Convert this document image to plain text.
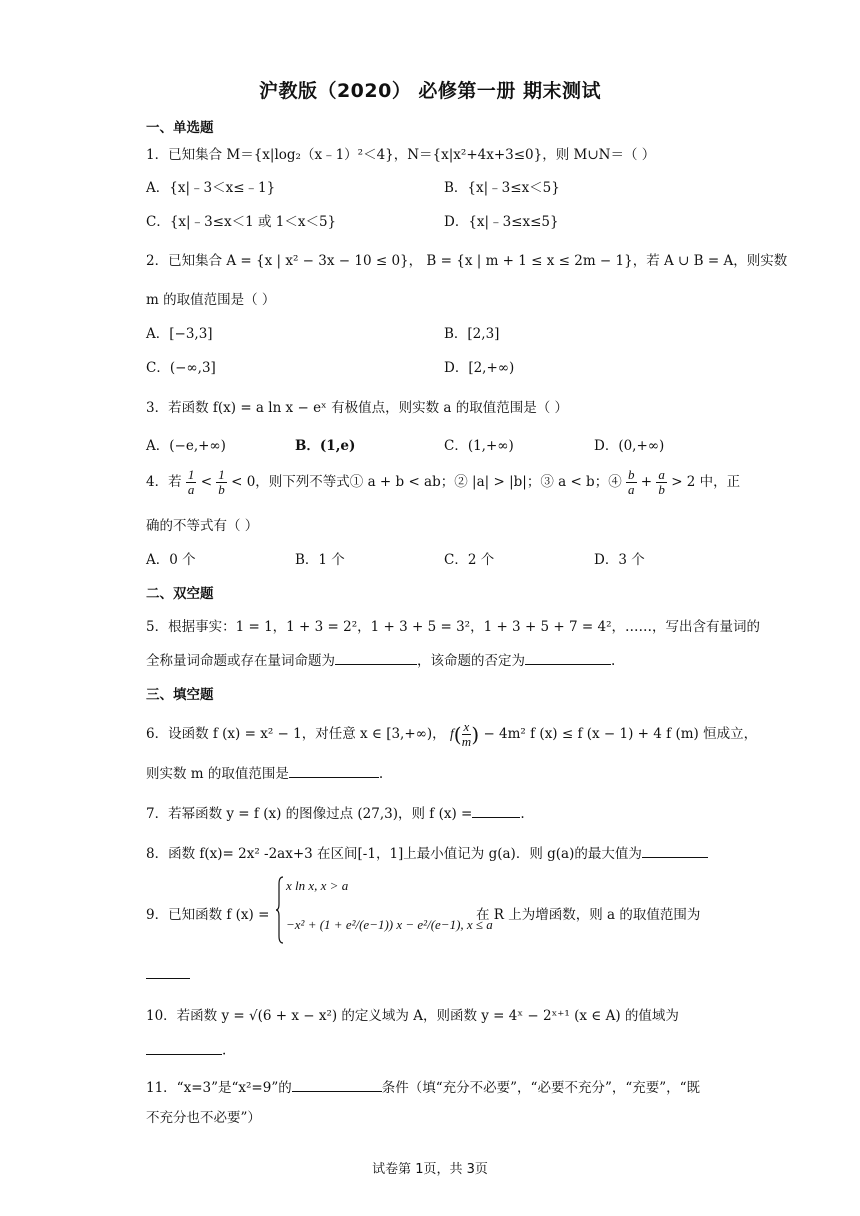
沪教版（2020） 必修第一册 期末测试
一、单选题
1．已知集合 M＝{x|log₂（x﹣1）²＜4}，N＝{x|x²+4x+3≤0}，则 M∪N＝（ ）
A．{x|﹣3＜x≤﹣1}	B．{x|﹣3≤x＜5}
C．{x|﹣3≤x＜1 或 1＜x＜5}	D．{x|﹣3≤x≤5}
2．已知集合 A = {x | x² − 3x − 10 ≤ 0}， B = {x | m + 1 ≤ x ≤ 2m − 1}，若 A ∪ B = A，则实数
m 的取值范围是（ ）
A．[−3,3]	B．[2,3]
C．(−∞,3]	D．[2,+∞)
3．若函数 f(x) = a ln x − eˣ 有极值点，则实数 a 的取值范围是（ ）
A．(−e,+∞)	B．(1,e)	C．(1,+∞)	D．(0,+∞)
4．若 $\frac{1}{a} < \frac{1}{b} < 0$，则下列不等式① a + b < ab；② |a| > |b|；③ a < b；④ $\frac{b}{a} + \frac{a}{b} > 2$ 中，正
确的不等式有（ ）
A．0 个	B．1 个	C．2 个	D．3 个
二、双空题
5．根据事实：1 = 1，1 + 3 = 2²，1 + 3 + 5 = 3²，1 + 3 + 5 + 7 = 4²，……，写出含有量词的
全称量词命题或存在量词命题为	，该命题的否定为	.
三、填空题
6．设函数 f (x) = x² − 1，对任意 x ∈ [3,+∞)， $f( \frac{x}{m}$ ) − 4m² f (x) ≤ f (x − 1) + 4 f (m) 恒成立，
则实数 m 的取值范围是	.
7．若幂函数 y = f (x) 的图像过点 (27,3)，则 f (x) =	.
8．函数 f(x)= 2x² -2ax+3 在区间[-1，1]上最小值记为 g(a)．则 g(a)的最大值为
9．已知函数 f (x) =
x ln x, x > a
−x² + (1 + e²/(e−1)) x − e²/(e−1), x ≤ a
在 R 上为增函数，则 a 的取值范围为
10．若函数 y = √(6 + x − x²) 的定义域为 A，则函数 y = 4ˣ − 2ˣ⁺¹ (x ∈ A) 的值域为
.
11．“x=3”是“x²=9”的	条件（填“充分不必要”，“必要不充分”，“充要”，“既
不充分也不必要”）
试卷第 1页，共 3页
